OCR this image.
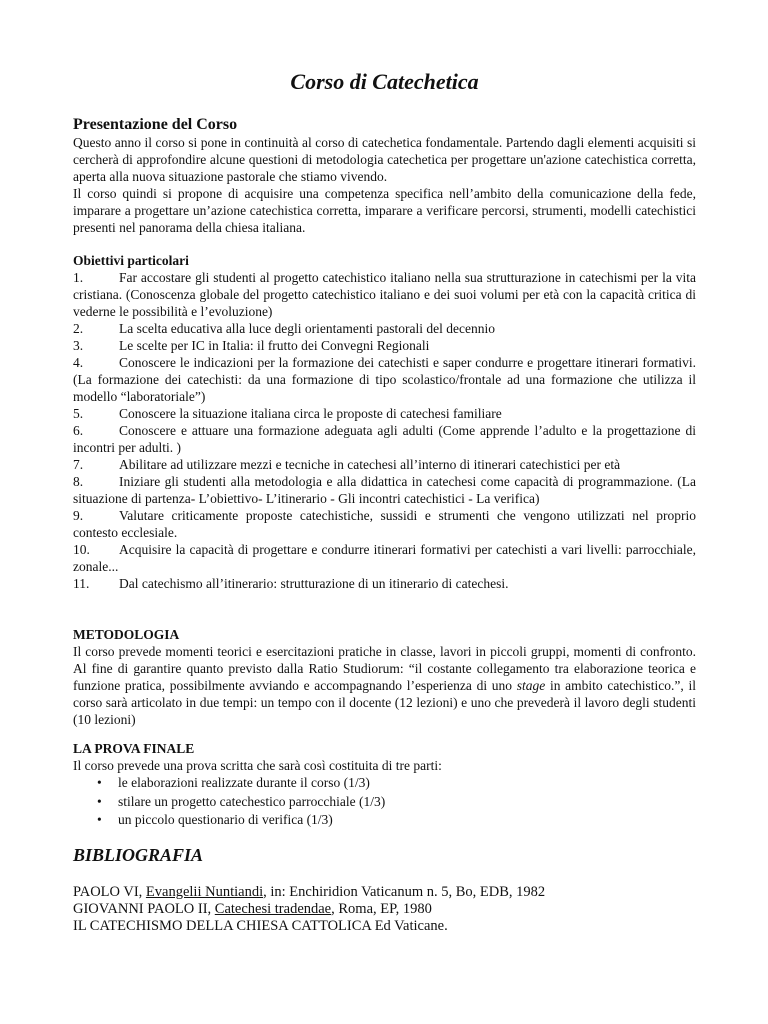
Corso di Catechetica
Presentazione del Corso

Questo anno il corso si pone in continuità al corso di catechetica fondamentale. Partendo dagli elementi acquisiti si cercherà di approfondire alcune questioni di metodologia catechetica per progettare un'azione catechistica corretta, aperta alla nuova situazione pastorale che stiamo vivendo.

Il corso quindi si propone di acquisire una competenza specifica nell’ambito della comunicazione della fede, imparare a progettare un’azione catechistica corretta, imparare a verificare percorsi, strumenti, modelli catechistici presenti nel panorama della chiesa italiana.

Obiettivi particolari
1.	Far accostare gli studenti al progetto catechistico italiano nella sua strutturazione in catechismi per la vita cristiana. (Conoscenza globale del progetto catechistico italiano e dei suoi volumi per età con la capacità critica di vederne le possibilità e l’evoluzione)
2.	La scelta educativa alla luce degli orientamenti pastorali del decennio
3.	Le scelte per IC in Italia: il frutto dei Convegni Regionali
4.	Conoscere le indicazioni per la formazione dei catechisti e saper condurre e progettare itinerari formativi. (La formazione dei catechisti: da una formazione di tipo scolastico/frontale ad una formazione che utilizza il modello “laboratoriale”)
5.	Conoscere la situazione italiana circa le proposte di catechesi familiare
6.	Conoscere e attuare una formazione adeguata agli adulti (Come apprende l’adulto e la progettazione di incontri per adulti. )
7.	Abilitare ad utilizzare mezzi e tecniche in catechesi all’interno di itinerari catechistici per età
8.	Iniziare gli studenti alla metodologia e alla didattica in catechesi come capacità di programmazione. (La situazione di partenza- L’obiettivo- L’itinerario - Gli incontri catechistici - La verifica)
9.	Valutare criticamente proposte catechistiche, sussidi e strumenti che vengono utilizzati nel proprio contesto ecclesiale.
10. Acquisire la capacità di progettare e condurre itinerari formativi per catechisti a vari livelli: parrocchiale, zonale...
11. Dal catechismo all’itinerario: strutturazione di un itinerario di catechesi.
METODOLOGIA

Il corso prevede momenti teorici e esercitazioni pratiche in classe, lavori in piccoli gruppi, momenti di confronto. Al fine di garantire quanto previsto dalla Ratio Studiorum: “il costante collegamento tra elaborazione teorica e funzione pratica, possibilmente avviando e accompagnando l’esperienza di uno stage in ambito catechistico.”, il corso sarà articolato in due tempi: un tempo con il docente (12 lezioni) e uno che prevederà il lavoro degli studenti (10 lezioni)

LA PROVA FINALE

Il corso prevede una prova scritta che sarà così costituita di tre parti:

• le elaborazioni realizzate durante il corso (1/3)
• stilare un progetto catechestico parrocchiale (1/3)
• un piccolo questionario di verifica (1/3)
BIBLIOGRAFIA
PAOLO VI, Evangelii Nuntiandi, in: Enchiridion Vaticanum n. 5, Bo, EDB, 1982
GIOVANNI PAOLO II, Catechesi tradendae, Roma, EP, 1980
IL CATECHISMO DELLA CHIESA CATTOLICA Ed Vaticane.
